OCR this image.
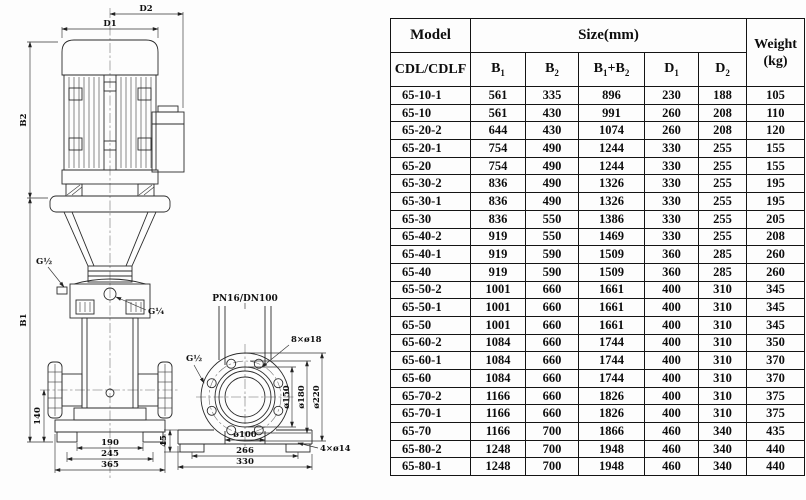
D2
D1
B2
B1
140
190
245
365
G½
G¼
PN16/DN100
8×ø18
G½
ø150 ø180 ø220
45
ø100
266
330
4×ø14
Model	Size(mm)					Weight
(kg)

CDL/CDLF	$B_1$	$B_2$	$B_1+B_2$	$D_1$	$D_2$
65-10-1	561	335	896	230	188	105
65-10	561	430	991	260	208	110
65-20-2	644	430	1074	260	208	120
65-20-1	754	490	1244	330	255	155
65-20	754	490	1244	330	255	155
65-30-2	836	490	1326	330	255	195
65-30-1	836	490	1326	330	255	195
65-30	836	550	1386	330	255	205
65-40-2	919	550	1469	330	255	208
65-40-1	919	590	1509	360	285	260
65-40	919	590	1509	360	285	260
65-50-2	1001	660	1661	400	310	345
65-50-1	1001	660	1661	400	310	345
65-50	1001	660	1661	400	310	345
65-60-2	1084	660	1744	400	310	350
65-60-1	1084	660	1744	400	310	370
65-60	1084	660	1744	400	310	370
65-70-2	1166	660	1826	400	310	375
65-70-1	1166	660	1826	400	310	375
65-70	1166	700	1866	460	340	435
65-80-2	1248	700	1948	460	340	440
65-80-1	1248	700	1948	460	340	440
